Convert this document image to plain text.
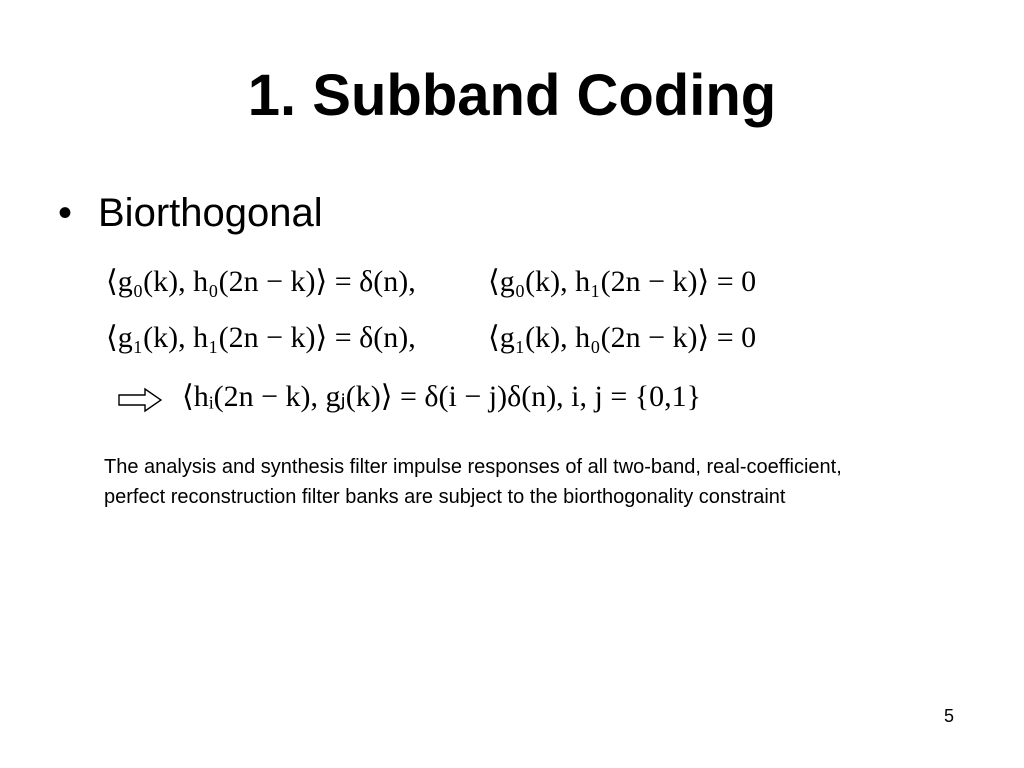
1. Subband Coding
• Biorthogonal
⟨g₀(k), h₀(2n − k)⟩ = δ(n), ⟨g₀(k), h₁(2n − k)⟩ = 0
⟨g₁(k), h₁(2n − k)⟩ = δ(n), ⟨g₁(k), h₀(2n − k)⟩ = 0
⟨hᵢ(2n − k), gⱼ(k)⟩ = δ(i − j)δ(n), i, j = {0,1}
The analysis and synthesis filter impulse responses of all two-band, real-coefficient, perfect reconstruction filter banks are subject to the biorthogonality constraint
5
